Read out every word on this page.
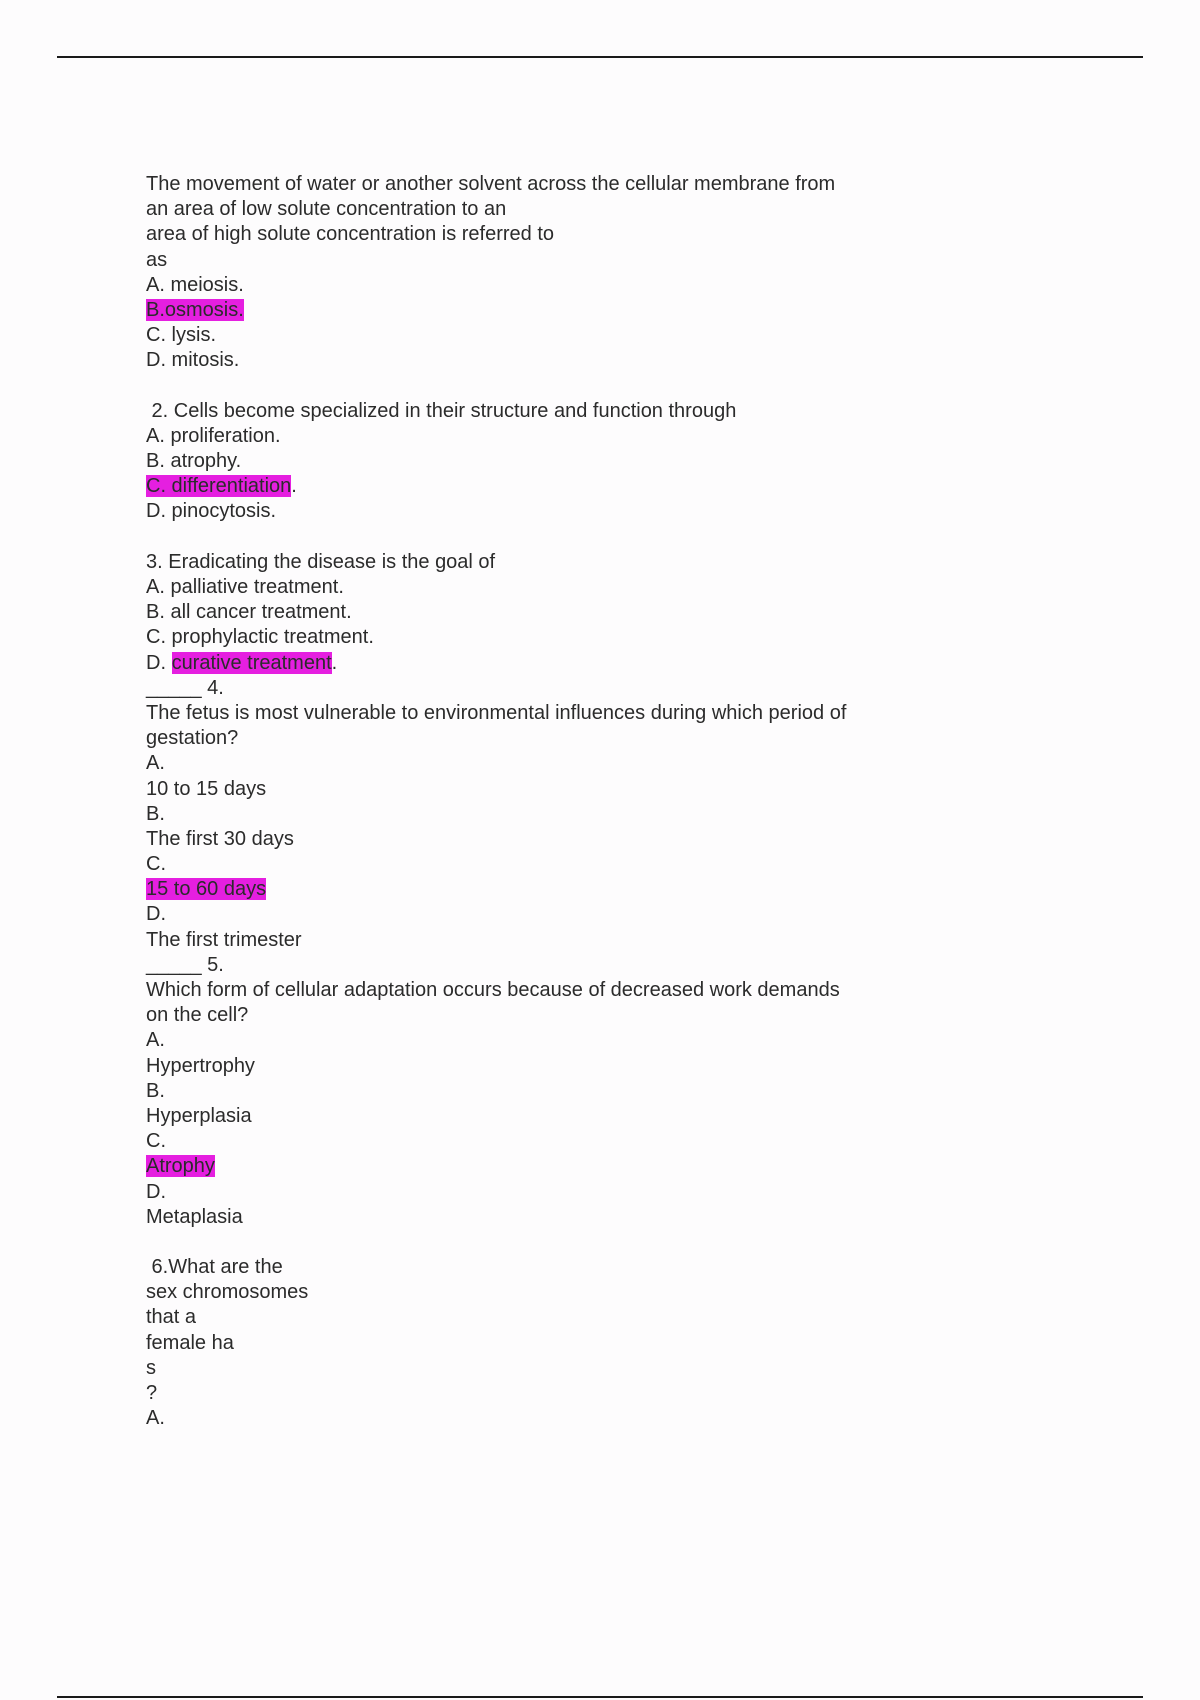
The movement of water or another solvent across the cellular membrane from
an area of low solute concentration to an
area of high solute concentration is referred to
as
A. meiosis.
B.osmosis.
C. lysis.
D. mitosis.
2. Cells become specialized in their structure and function through
A. proliferation.
B. atrophy.
C. differentiation.
D. pinocytosis.
3. Eradicating the disease is the goal of
A. palliative treatment.
B. all cancer treatment.
C. prophylactic treatment.
D. curative treatment.
_____ 4.
The fetus is most vulnerable to environmental influences during which period of
gestation?
A.
10 to 15 days
B.
The first 30 days
C.
15 to 60 days
D.
The first trimester
_____ 5.
Which form of cellular adaptation occurs because of decreased work demands
on the cell?
A.
Hypertrophy
B.
Hyperplasia
C.
Atrophy
D.
Metaplasia
6.What are the
sex chromosomes
that a
female ha
s
?
A.
